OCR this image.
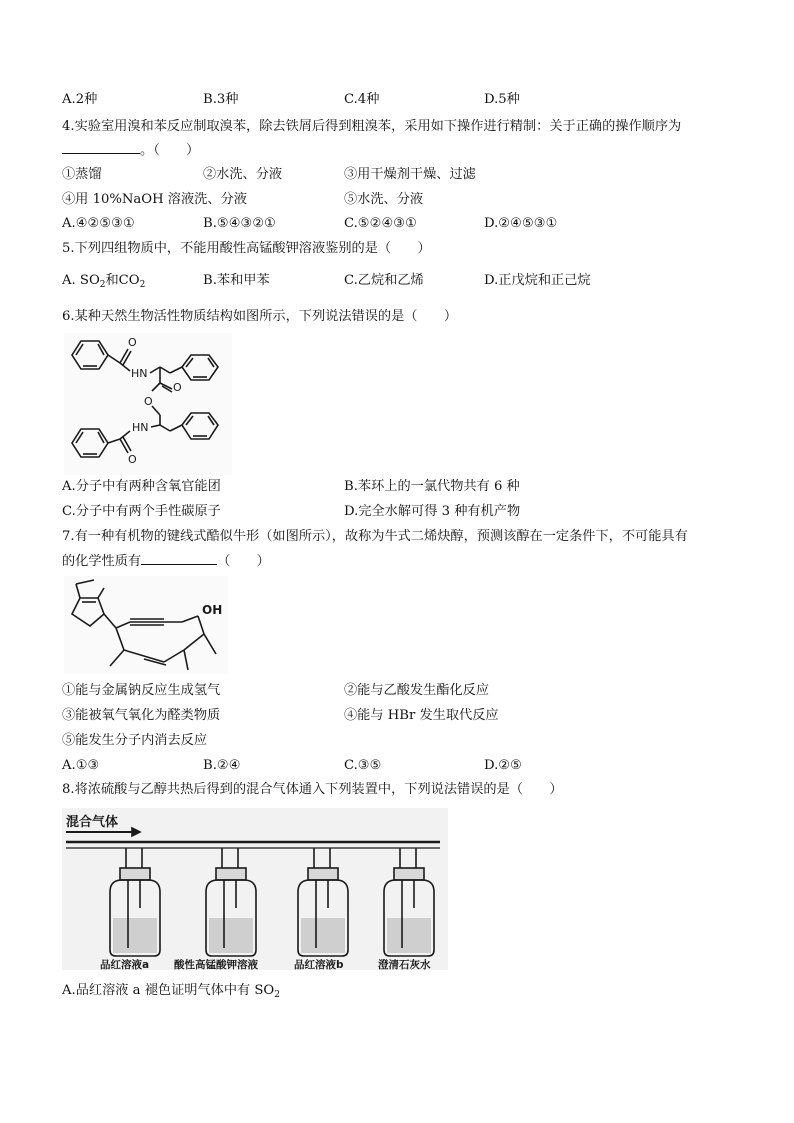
A.2种	B.3种	C.4种	D.5种
4.实验室用溴和苯反应制取溴苯，除去铁屑后得到粗溴苯，采用如下操作进行精制：关于正确的操作顺序为
。（　　）
①蒸馏	②水洗、分液	③用干燥剂干燥、过滤
④用 10%NaOH 溶液洗、分液	⑤水洗、分液
A.④②⑤③①	B.⑤④③②①	C.⑤②④③①	D.②④⑤③①
5.下列四组物质中，不能用酸性高锰酸钾溶液鉴别的是（　　）
A. $SO_2$和$CO_2$	B.苯和甲苯	C.乙烷和乙烯	D.正戊烷和正己烷
6.某种天然生物活性物质结构如图所示，下列说法错误的是（　　）
O
HN
O
O
HN
O
A.分子中有两种含氧官能团	B.苯环上的一氯代物共有 6 种
C.分子中有两个手性碳原子	D.完全水解可得 3 种有机产物
7.有一种有机物的键线式酷似牛形（如图所示），故称为牛式二烯炔醇，预测该醇在一定条件下，不可能具有
的化学性质有	（　　）
OH
①能与金属钠反应生成氢气	②能与乙酸发生酯化反应
③能被氧气氧化为醛类物质	④能与 HBr 发生取代反应
⑤能发生分子内消去反应
A.①③	B.②④	C.③⑤	D.②⑤
8.将浓硫酸与乙醇共热后得到的混合气体通入下列装置中，下列说法错误的是（　　）
混合气体
品红溶液a 酸性高锰酸钾溶液	品红溶液b	澄清石灰水
A.品红溶液 a 褪色证明气体中有 $SO_2$
